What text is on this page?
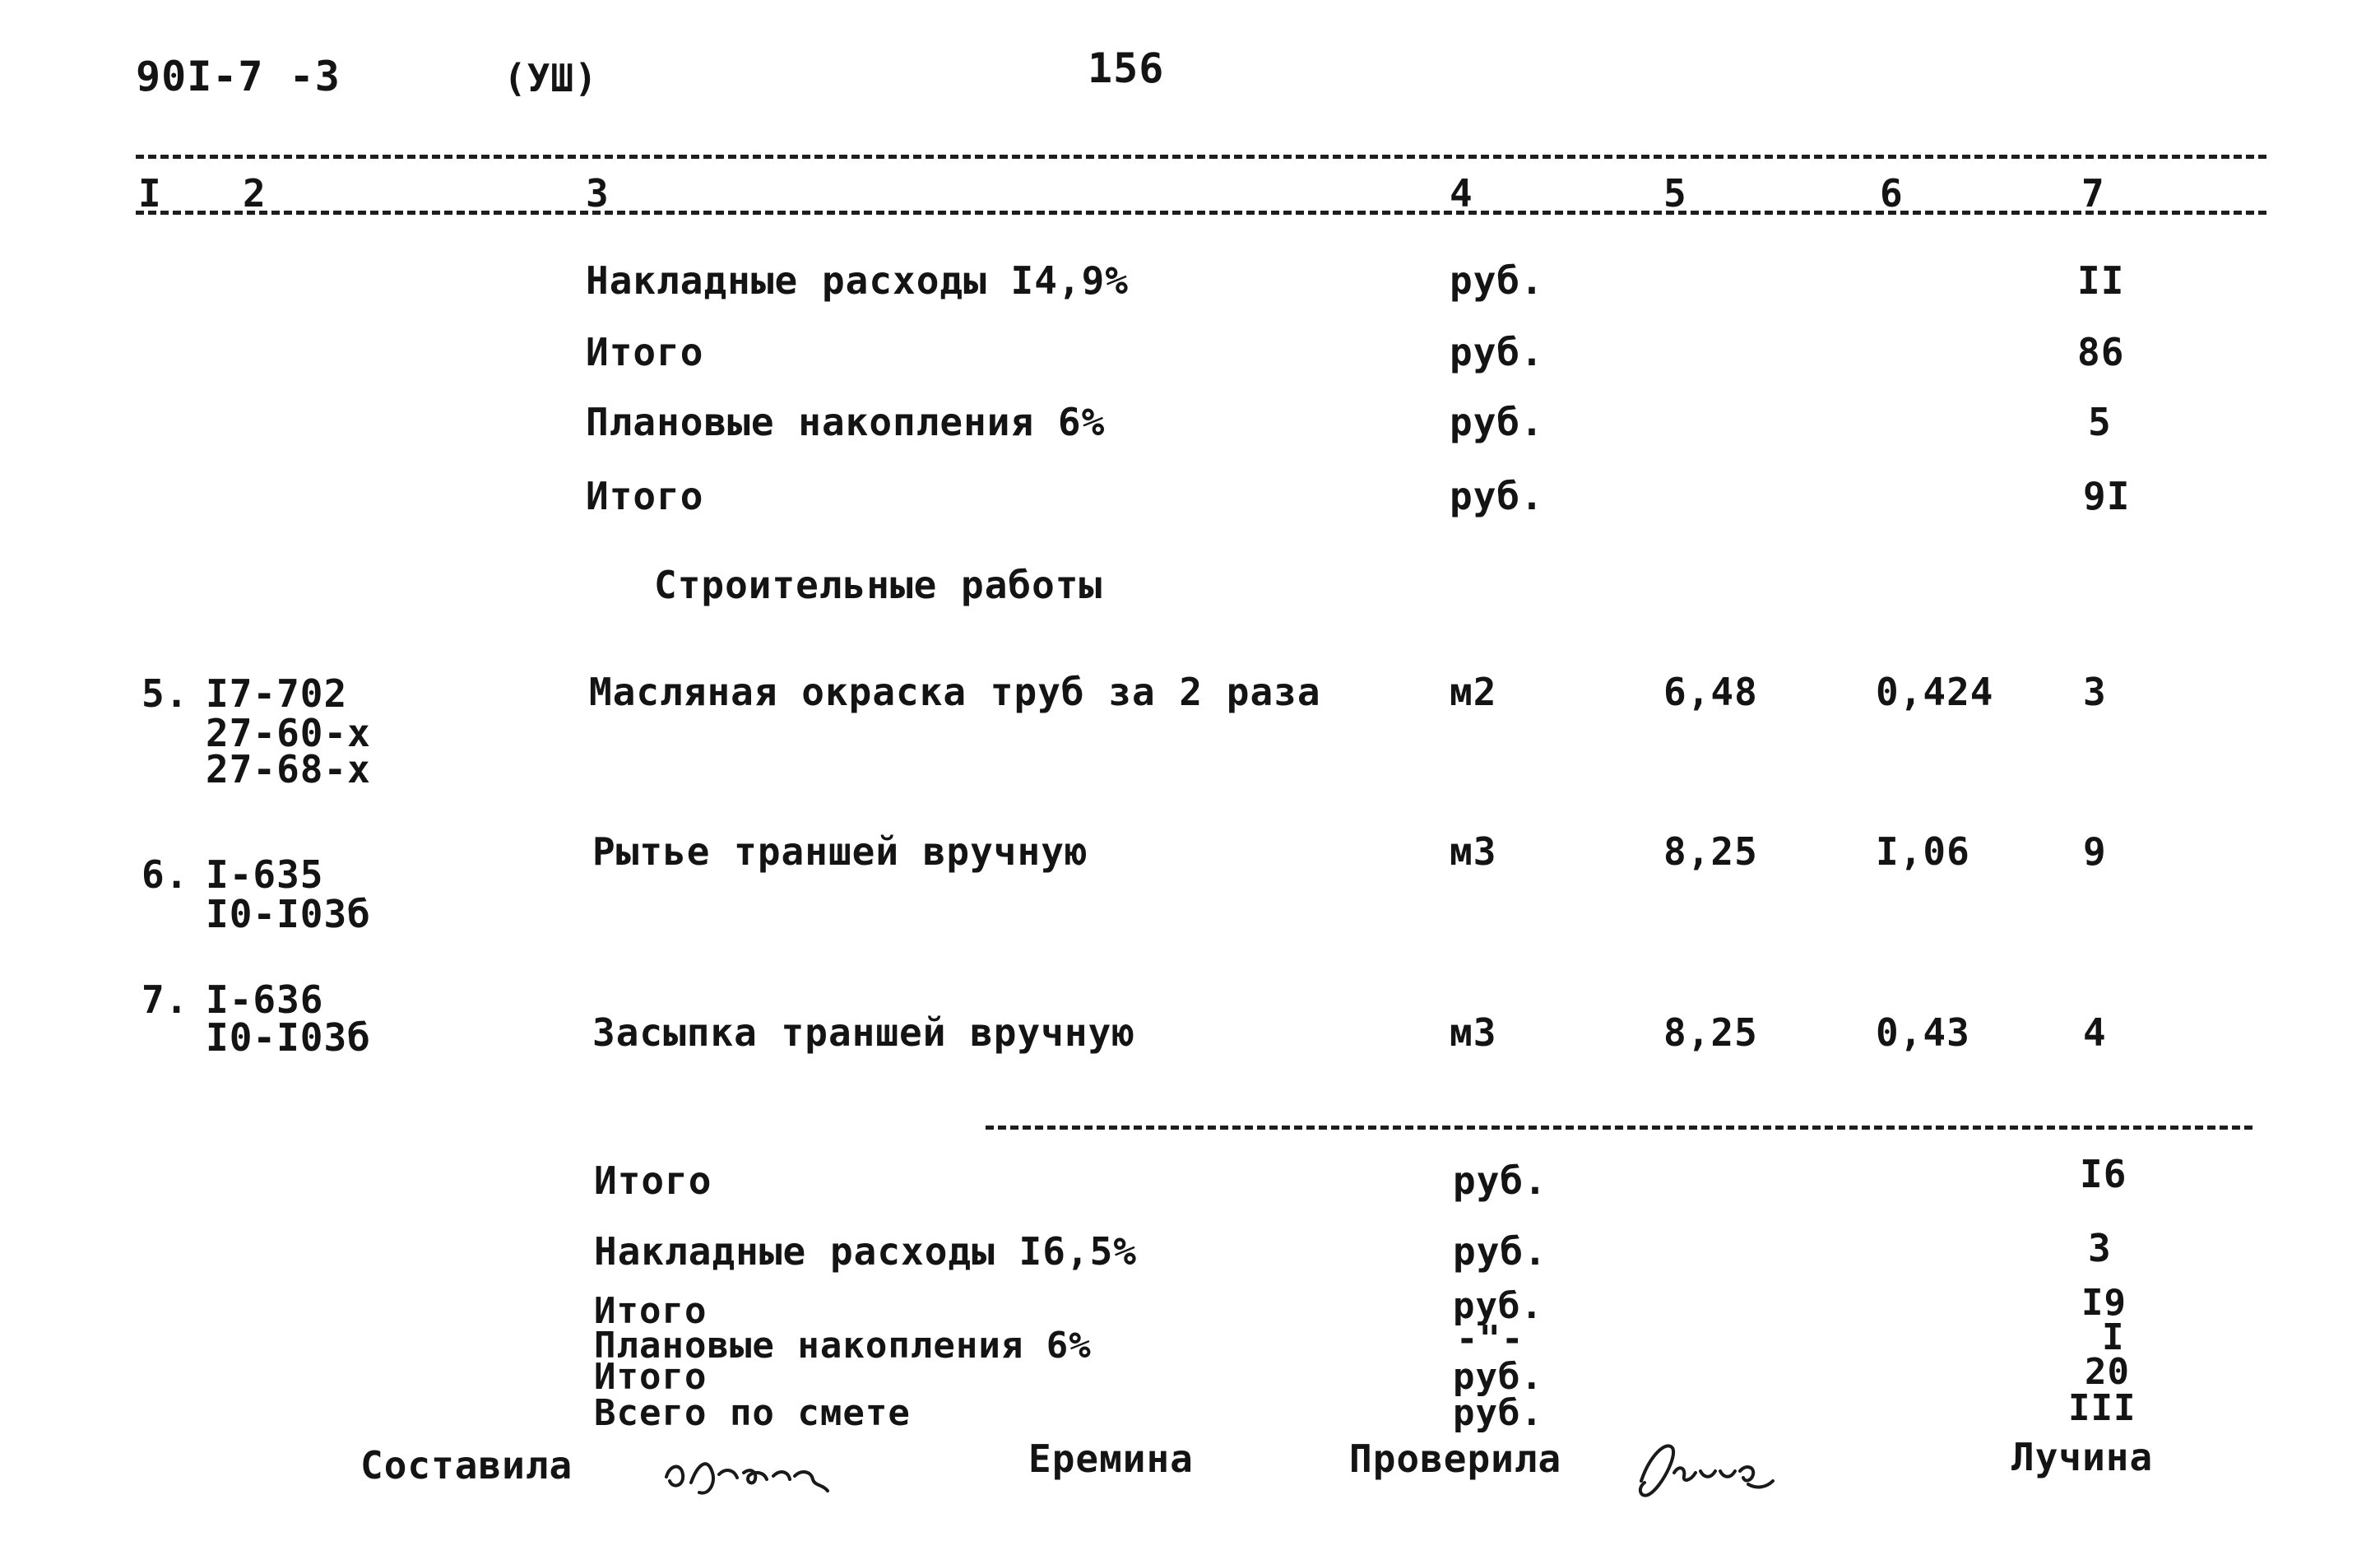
90I-7 -3	(УШ)	156
I 2	3	4	5	6	7
Накладные расходы I4,9%	руб.	II
Итого	руб.	86
Плановые накопления 6%	руб.	5
Итого	руб.	9I
Строительные работы
5. I7-702
27-60-х
27-68-х
Масляная окраска труб за 2 раза	м2	6,48	0,424 3
6. I-635
I0-I03б
Рытье траншей вручную	м3	8,25	I,06	9
7. I-636
I0-I03б	Засыпка траншей вручную	м3	8,25	0,43	4
Итого	руб.	I6
Накладные расходы I6,5%	руб.	3
Итого	руб.	I9
Плановые накопления 6%	-"-	I
Итого	руб.	20
Всего по смете	руб.	III
Составила	Еремина	Проверила	Лучина
